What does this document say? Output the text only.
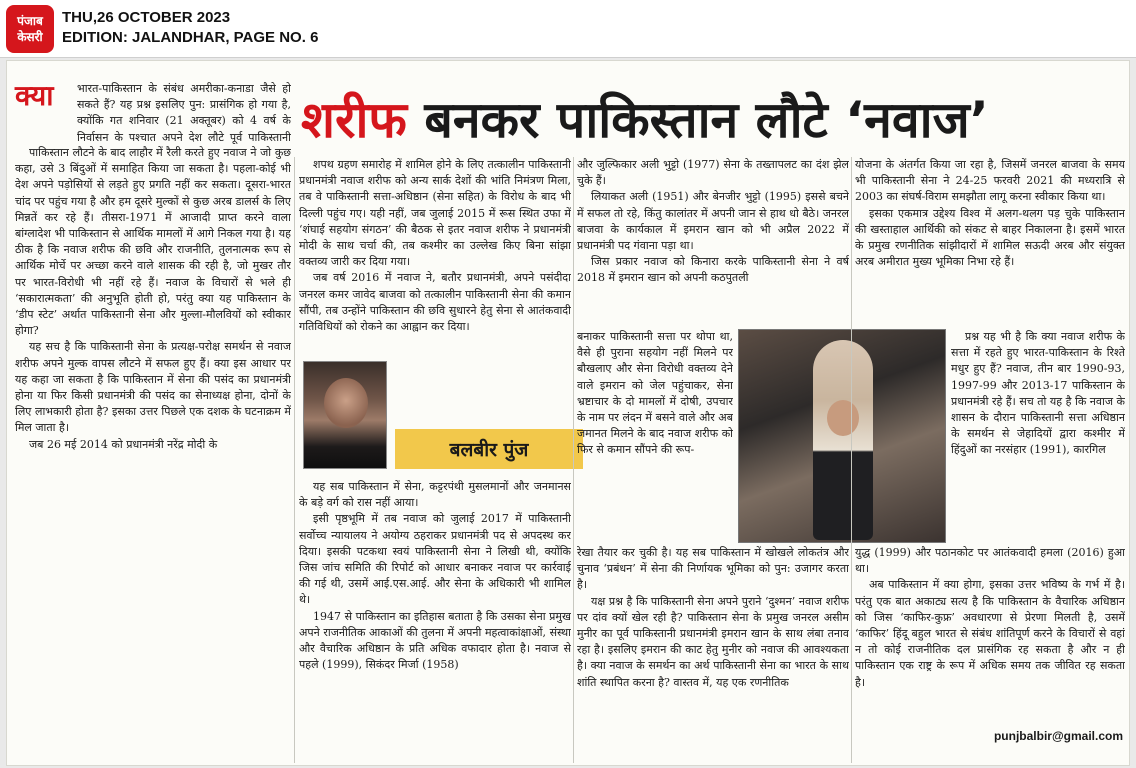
पंजाब
केसरी
THU,26 OCTOBER 2023
EDITION: JALANDHAR, PAGE NO. 6
क्या	शरीफ बनकर पाकिस्तान लौटे ‘नवाज’

भारत-पाकिस्तान के संबंध अमरीका-कनाडा जैसे हो सकते हैं? यह प्रश्न इसलिए पुन: प्रासंगिक हो गया है, क्योंकि गत शनिवार (21 अक्तूबर) को 4 वर्ष के निर्वासन के पश्चात अपने देश लौटे पूर्व पाकिस्तानी

पाकिस्तान लौटने के बाद लाहौर में रैली करते हुए नवाज ने जो कुछ कहा, उसे 3 बिंदुओं में समाहित किया जा सकता है। पहला-कोई भी देश अपने पड़ोसियों से लड़ते हुए प्रगति नहीं कर सकता। दूसरा-भारत चांद पर पहुंच गया है और हम दूसरे मुल्कों से कुछ अरब डालर्स के लिए मिन्नतें कर रहे हैं। तीसरा-1971 में आजादी प्राप्त करने वाला बांग्लादेश भी पाकिस्तान से आर्थिक मामलों में आगे निकल गया है। यह ठीक है कि नवाज शरीफ की छवि और राजनीति, तुलनात्मक रूप से आर्थिक मोर्चे पर अच्छा करने वाले शासक की रही है, जो मुखर तौर पर भारत-विरोधी भी नहीं रहे हैं। नवाज के विचारों से भले ही ‘सकारात्मकता’ की अनुभूति होती हो, परंतु क्या यह पाकिस्तान के ‘डीप स्टेट’ अर्थात पाकिस्तानी सेना और मुल्ला-मौलवियों को स्वीकार होगा?

यह सच है कि पाकिस्तानी सेना के प्रत्यक्ष-परोक्ष समर्थन से नवाज शरीफ अपने मुल्क वापस लौटने में सफल हुए हैं। क्या इस आधार पर यह कहा जा सकता है कि पाकिस्तान में सेना की पसंद का प्रधानमंत्री होना या फिर किसी प्रधानमंत्री की पसंद का सेनाध्यक्ष होना, दोनों के लिए लाभकारी होता है? इसका उत्तर पिछले एक दशक के घटनाक्रम में मिल जाता है।

जब 26 मई 2014 को प्रधानमंत्री नरेंद्र मोदी के

शपथ ग्रहण समारोह में शामिल होने के लिए तत्कालीन पाकिस्तानी प्रधानमंत्री नवाज शरीफ को अन्य सार्क देशों की भांति निमंत्रण मिला, तब वे पाकिस्तानी सत्ता-अधिष्ठान (सेना सहित) के विरोध के बाद भी दिल्ली पहुंच गए। यही नहीं, जब जुलाई 2015 में रूस स्थित उफा में ‘शंघाई सहयोग संगठन’ की बैठक से इतर नवाज शरीफ ने प्रधानमंत्री मोदी के साथ चर्चा की, तब कश्मीर का उल्लेख किए बिना सांझा वक्तव्य जारी कर दिया गया।

जब वर्ष 2016 में नवाज ने, बतौर प्रधानमंत्री, अपने पसंदीदा जनरल कमर जावेद बाजवा को तत्कालीन पाकिस्तानी सेना की कमान सौंपी, तब उन्होंने पाकिस्तान की छवि सुधारने हेतु सेना से आतंकवादी गतिविधियों को रोकने का आह्वान कर दिया।

बलबीर पुंज

यह सब पाकिस्तान में सेना, कट्टरपंथी मुसलमानों और जनमानस के बड़े वर्ग को रास नहीं आया।

इसी पृष्ठभूमि में तब नवाज को जुलाई 2017 में पाकिस्तानी सर्वोच्च न्यायालय ने अयोग्य ठहराकर प्रधानमंत्री पद से अपदस्थ कर दिया। इसकी पटकथा स्वयं पाकिस्तानी सेना ने लिखी थी, क्योंकि जिस जांच समिति की रिपोर्ट को आधार बनाकर नवाज पर कार्रवाई की गई थी, उसमें आई.एस.आई. और सेना के अधिकारी भी शामिल थे।

1947 से पाकिस्तान का इतिहास बताता है कि उसका सेना प्रमुख अपने राजनीतिक आकाओं की तुलना में अपनी महत्वाकांक्षाओं, संस्था और वैचारिक अधिष्ठान के प्रति अधिक वफादार होता है। नवाज से पहले (1999), सिकंदर मिर्जा (1958)

और जुल्फिकार अली भुट्टो (1977) सेना के तख्तापलट का दंश झेल चुके हैं।

लियाकत अली (1951) और बेनजीर भुट्टो (1995) इससे बचने में सफल तो रहे, किंतु कालांतर में अपनी जान से हाथ धो बैठे। जनरल बाजवा के कार्यकाल में इमरान खान को भी अप्रैल 2022 में प्रधानमंत्री पद गंवाना पड़ा था।

जिस प्रकार नवाज को किनारा करके पाकिस्तानी सेना ने वर्ष 2018 में इमरान खान को अपनी कठपुतली

बनाकर पाकिस्तानी सत्ता पर थोपा था, वैसे ही पुराना सहयोग नहीं मिलने पर बौखलाए और सेना विरोधी वक्तव्य देने वाले इमरान को जेल पहुंचाकर, सेना भ्रष्टाचार के दो मामलों में दोषी, उपचार के नाम पर लंदन में बसने वाले और अब जमानत मिलने के बाद नवाज शरीफ को फिर से कमान सौंपने की रूप-

रेखा तैयार कर चुकी है। यह सब पाकिस्तान में खोखले लोकतंत्र और चुनाव ‘प्रबंधन’ में सेना की निर्णायक भूमिका को पुन: उजागर करता है।

यक्ष प्रश्न है कि पाकिस्तानी सेना अपने पुराने ‘दुश्मन’ नवाज शरीफ पर दांव क्यों खेल रही है? पाकिस्तान सेना के प्रमुख जनरल असीम मुनीर का पूर्व पाकिस्तानी प्रधानमंत्री इमरान खान के साथ लंबा तनाव रहा है। इसलिए इमरान की काट हेतु मुनीर को नवाज की आवश्यकता है। क्या नवाज के समर्थन का अर्थ पाकिस्तानी सेना का भारत के साथ शांति स्थापित करना है? वास्तव में, यह एक रणनीतिक

योजना के अंतर्गत किया जा रहा है, जिसमें जनरल बाजवा के समय भी पाकिस्तानी सेना ने 24-25 फरवरी 2021 की मध्यरात्रि से 2003 का संघर्ष-विराम समझौता लागू करना स्वीकार किया था।

इसका एकमात्र उद्देश्य विश्व में अलग-थलग पड़ चुके पाकिस्तान की खस्ताहाल आर्थिकी को संकट से बाहर निकालना है। इसमें भारत के प्रमुख रणनीतिक सांझीदारों में शामिल सऊदी अरब और संयुक्त अरब अमीरात मुख्य भूमिका निभा रहे हैं।

प्रश्न यह भी है कि क्या नवाज शरीफ के सत्ता में रहते हुए भारत-पाकिस्तान के रिश्ते मधुर हुए हैं? नवाज, तीन बार 1990-93, 1997-99 और 2013-17 पाकिस्तान के प्रधानमंत्री रहे हैं। सच तो यह है कि नवाज के शासन के दौरान पाकिस्तानी सत्ता अधिष्ठान के समर्थन से जेहादियों द्वारा कश्मीर में हिंदुओं का नरसंहार (1991), कारगिल

युद्ध (1999) और पठानकोट पर आतंकवादी हमला (2016) हुआ था।

अब पाकिस्तान में क्या होगा, इसका उत्तर भविष्य के गर्भ में है। परंतु एक बात अकाट्य सत्य है कि पाकिस्तान के वैचारिक अधिष्ठान को जिस ‘काफिर-कुफ्र’ अवधारणा से प्रेरणा मिलती है, उसमें ‘काफिर’ हिंदू बहुल भारत से संबंध शांतिपूर्ण करने के विचारों से वहां न तो कोई राजनीतिक दल प्रासंगिक रह सकता है और न ही पाकिस्तान एक राष्ट्र के रूप में अधिक समय तक जीवित रह सकता है।

punjbalbir@gmail.com
